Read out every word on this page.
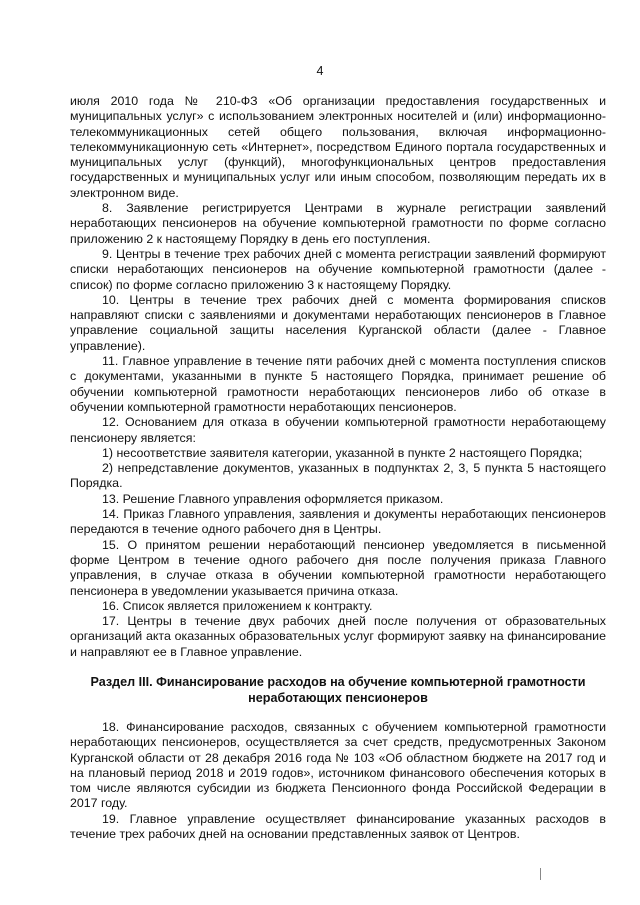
4

июля 2010 года № 210-ФЗ «Об организации предоставления государственных и муниципальных услуг» с использованием электронных носителей и (или) информационно-телекоммуникационных сетей общего пользования, включая информационно-телекоммуникационную сеть «Интернет», посредством Единого портала государственных и муниципальных услуг (функций), многофункциональных центров предоставления государственных и муниципальных услуг или иным способом, позволяющим передать их в электронном виде.

8. Заявление регистрируется Центрами в журнале регистрации заявлений неработающих пенсионеров на обучение компьютерной грамотности по форме согласно приложению 2 к настоящему Порядку в день его поступления.

9. Центры в течение трех рабочих дней с момента регистрации заявлений формируют списки неработающих пенсионеров на обучение компьютерной грамотности (далее - список) по форме согласно приложению 3 к настоящему Порядку.

10. Центры в течение трех рабочих дней с момента формирования списков направляют списки с заявлениями и документами неработающих пенсионеров в Главное управление социальной защиты населения Курганской области (далее - Главное управление).

11. Главное управление в течение пяти рабочих дней с момента поступления списков с документами, указанными в пункте 5 настоящего Порядка, принимает решение об обучении компьютерной грамотности неработающих пенсионеров либо об отказе в обучении компьютерной грамотности неработающих пенсионеров.

12. Основанием для отказа в обучении компьютерной грамотности неработающему пенсионеру является:

1) несоответствие заявителя категории, указанной в пункте 2 настоящего Порядка;

2) непредставление документов, указанных в подпунктах 2, 3, 5 пункта 5 настоящего Порядка.

13. Решение Главного управления оформляется приказом.

14. Приказ Главного управления, заявления и документы неработающих пенсионеров передаются в течение одного рабочего дня в Центры.

15. О принятом решении неработающий пенсионер уведомляется в письменной форме Центром в течение одного рабочего дня после получения приказа Главного управления, в случае отказа в обучении компьютерной грамотности неработающего пенсионера в уведомлении указывается причина отказа.

16. Список является приложением к контракту.

17. Центры в течение двух рабочих дней после получения от образовательных организаций акта оказанных образовательных услуг формируют заявку на финансирование и направляют ее в Главное управление.

Раздел III. Финансирование расходов на обучение компьютерной грамотности неработающих пенсионеров

18. Финансирование расходов, связанных с обучением компьютерной грамотности неработающих пенсионеров, осуществляется за счет средств, предусмотренных Законом Курганской области от 28 декабря 2016 года № 103 «Об областном бюджете на 2017 год и на плановый период 2018 и 2019 годов», источником финансового обеспечения которых в том числе являются субсидии из бюджета Пенсионного фонда Российской Федерации в 2017 году.

19. Главное управление осуществляет финансирование указанных расходов в течение трех рабочих дней на основании представленных заявок от Центров.
